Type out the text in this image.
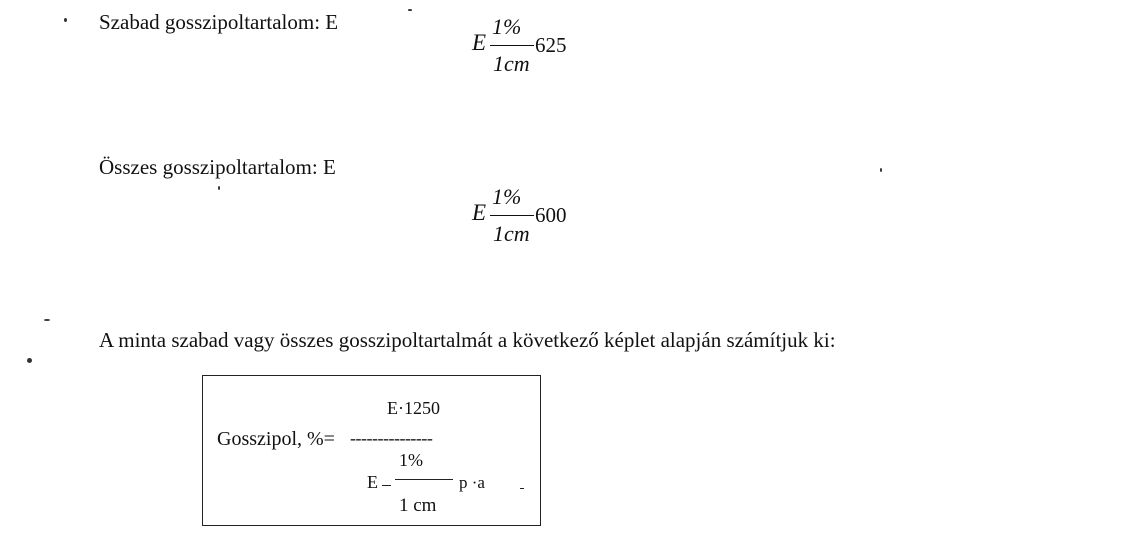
Szabad gosszipoltartalom: E
E
1%
1cm
625
Összes gosszipoltartalom: E
E
1%
1cm
600
A minta szabad vagy összes gosszipoltartalmát a következő képlet alapján számítjuk ki:
E·1250
Gosszipol, %= ---------------
1%
E	p ·a
1 cm
